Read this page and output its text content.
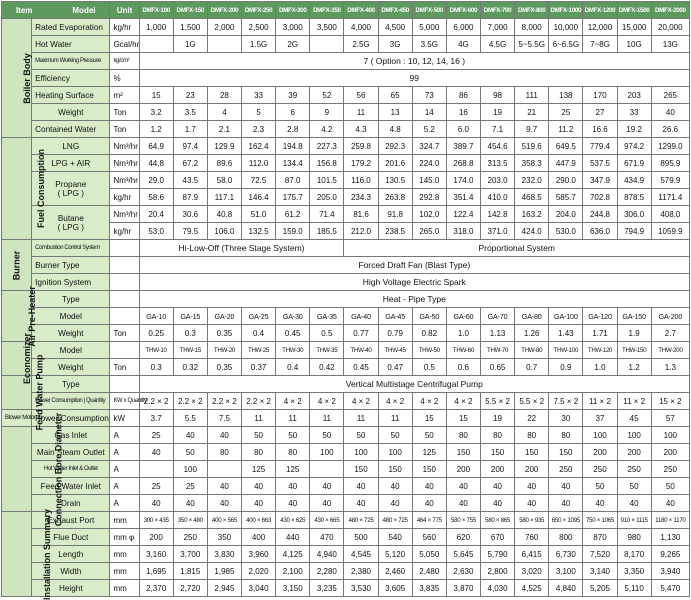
Item Model		Unit	DMFX-100	DMFX-150	DMFX-200	DMFX-250	DMFX-300	DMFX-350	DMFX-400	DMFX-450	DMFX-500	DMFX-600	DMFX-700	DMFX-800	DMFX-1000	DMFX-1200	DMFX-1500	DMFX-2000
Boiler Body	Rated Evaporation	kg/hr	1,000	1,500	2,000	2,500	3,000	3,500	4,000	4,500	5,000	6,000	7,000	8,000	10,000	12,000	15,000	20,000
	Hot Water	Gcal/hr		1G		1.5G	2G		2.5G	3G	3.5G	4G	4.5G	5~5.5G	6~6.5G	7~8G	10G	13G
	Maximum Working Pressure	kg/cm²	7 ( Option : 10, 12, 14, 16 )															
	Efficiency	%	99															
	Heating Surface	m²	15	23	28	33	39	52	56	65	73	86	98	111	138	170	203	265
	Weight	Ton	3.2	3.5	4	5	6	9	11	13	14	16	19	21	25	27	33	40
	Contained Water	Ton	1.2	1.7	2.1	2.3	2.8	4.2	4.3	4.8	5.2	6.0	7.1	9.7	11.2	16.6	19.2	26.6
Fuel Consumption	LNG	Nm³/hr	64.9	97.4	129.9	162.4	194.8	227.3	259.8	292.3	324.7	389.7	454.6	519.6	649.5	779.4	974.2	1299.0
	LPG + AIR	Nm³/hr	44.8	67.2	89.6	112.0	134.4	156.8	179.2	201.6	224.0	268.8	313.5	358.3	447.9	537.5	671.9	895.9
	Propane
( LPG )	Nm³/hr	29.0	43.5	58.0	72.5	87.0	101.5	116.0	130.5	145.0	174.0	203.0	232.0	290.0	347.9	434.9	579.9
		kg/hr	58.6	87.9	117.1	146.4	175.7	205.0	234.3	263.8	292.8	351.4	410.0	468.5	585.7	702.8	878.5	1171.4
	Butane
( LPG )	Nm³/hr	20.4	30.6	40.8	51.0	61.2	71.4	81.6	91.8	102.0	122.4	142.8	163.2	204.0	244.8	306.0	408.0
		kg/hr	53.0	79.5	106.0	132.5	159.0	185.5	212.0	238.5	265.0	318.0	371.0	424.0	530.0	636.0	794.9	1059.9
Burner	Combustion Control System		Hi-Low-Off (Three Stage System)						Proportional System									
	Burner Type		Forced Draft Fan (Blast Type)															
	Ignition System		High Voltage Electric Spark															
Air Pre-Heater	Type		Heat - Pipe Type															
	Model		GA-10	GA-15	GA-20	GA-25	GA-30	GA-35	GA-40	GA-45	GA-50	GA-60	GA-70	GA-80	GA-100	GA-120	GA-150	GA-200
	Weight	Ton	0.25	0.3	0.35	0.4	0.45	0.5	0.77	0.79	0.82	1.0	1.13	1.26	1.43	1.71	1.9	2.7
Economizer	Model		THW-10	THW-15	THW-20	THW-25	THW-30	THW-35	THW-40	THW-45	THW-50	THW-60	THW-70	THW-80	THW-100	THW-120	THW-150	THW-200
	Weight	Ton	0.3	0.32	0.35	0.37	0.4	0.42	0.45	0.47	0.5	0.6	0.65	0.7	0.9	1.0	1.2	1.3
Feed Water Pump	Type		Vertical Multistage Centrifugal Pump															
	Power Consumption | Quantity	KW x Quantity	2.2 × 2	2.2 × 2	2.2 × 2	2.2 × 2	4 × 2	4 × 2	4 × 2	4 × 2	4 × 2	4 × 2	5.5 × 2	5.5 × 2	7.5 × 2	11 × 2	11 × 2	15 × 2
Blower Motor	Power Consumption	kW	3.7	5.5	7.5	11	11	11	11	11	15	15	19	22	30	37	45	57
Connection Bore Diameter	Gas Inlet	A	25	40	40	50	50	50	50	50	50	80	80	80	80	100	100	100
	Main Steam Outlet	A	40	50	80	80	80	100	100	100	125	150	150	150	150	200	200	200
	Hot Water Inlet & Outlet	A		100		125	125		150	150	150	200	200	200	250	250	250	250
	Feed Water Inlet	A	25	25	40	40	40	40	40	40	40	40	40	40	40	50	50	50
	Drain	A	40	40	40	40	40	40	40	40	40	40	40	40	40	40	40	40
Installation Summary	Exhaust Port	mm	300 × 435	350 × 480	400 × 565	400 × 663	430 × 625	430 × 665	480 × 725	480 × 725	464 × 775	580 × 755	580 × 865	580 × 935	650 × 1095	750 × 1065	910 × 1115	1180 × 1170
	Flue Duct	mm φ	200	250	350	400	440	470	500	540	560	620	670	760	800	870	980	1,130
	Length	mm	3,160	3,700	3,830	3,960	4,125	4,940	4,545	5,120	5,050	5,645	5,790	6,415	6,730	7,520	8,170	9,265
	Width	mm	1,695	1,815	1,985	2,020	2,100	2,280	2,380	2,460	2,480	2,630	2,800	3,020	3,100	3,140	3,350	3,940
	Height	mm	2,370	2,720	2,945	3,040	3,150	3,235	3,530	3,605	3,835	3,870	4,030	4,525	4,840	5,205	5,110	5,470
